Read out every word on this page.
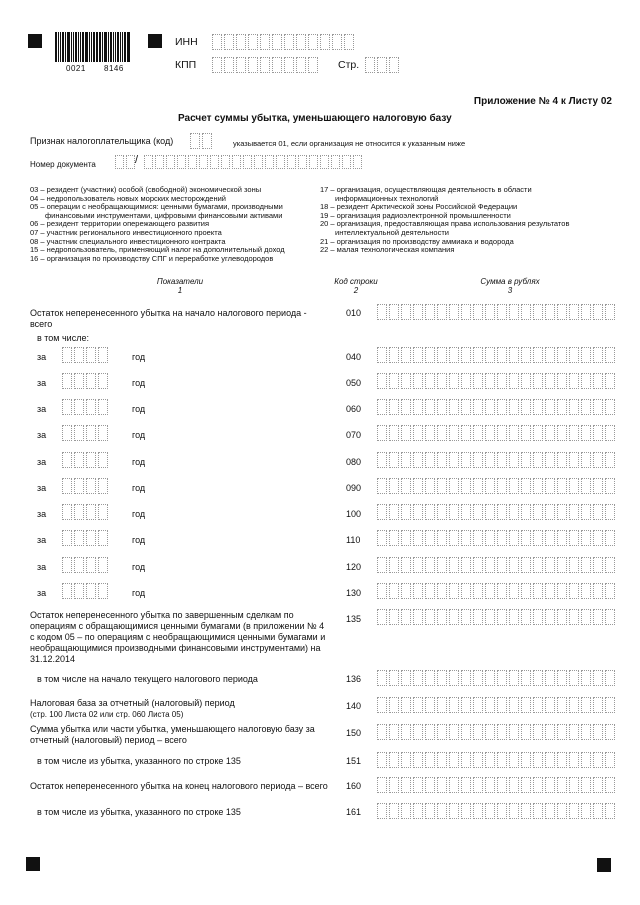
0021 8146
ИНН
КПП	Стр.
Приложение № 4 к Листу 02
Расчет суммы убытка, уменьшающего налоговую базу
Признак налогоплательщика (код)	указывается 01, если организация не относится к указанным ниже
Номер документа	/
03 – резидент (участник) особой (свободной) экономической зоны
04 – недропользователь новых морских месторождений
05 – операции с необращающимися: ценными бумагами, производными
финансовыми инструментами, цифровыми финансовыми активами
06 – резидент территории опережающего развития
07 – участник регионального инвестиционного проекта
08 – участник специального инвестиционного контракта
15 – недропользователь, применяющий налог на дополнительный доход
16 – организация по производству СПГ и переработке углеводородов
17 – организация, осуществляющая деятельность в области
информационных технологий
18 – резидент Арктической зоны Российской Федерации
19 – организация радиоэлектронной промышленности
20 – организация, предоставляющая права использования результатов
интеллектуальной деятельности
21 – организация по производству аммиака и водорода
22 – малая технологическая компания
Показатели
1
Код строки
2
Сумма в рублях
3
Остаток неперенесенного убытка на начало налогового периода -
всего
010
в том числе:
за	год	040
за	год	050
за	год	060
за	год	070
за	год	080
за	год	090
за	год	100
за	год	110
за	год	120
за	год	130
Остаток неперенесенного убытка по завершенным сделкам по
операциям с обращающимися ценными бумагами (в приложении № 4
с кодом 05 – по операциям с необращающимися ценными бумагами и
необращающимися производными финансовыми инструментами) на
31.12.2014
135
в том числе на начало текущего налогового периода	136
Налоговая база за отчетный (налоговый) период
(стр. 100 Листа 02 или стр. 060 Листа 05)
140
Сумма убытка или части убытка, уменьшающего налоговую базу за
отчетный (налоговый) период – всего
150
в том числе из убытка, указанного по строке 135	151
Остаток неперенесенного убытка на конец налогового периода – всего 160
в том числе из убытка, указанного по строке 135	161
